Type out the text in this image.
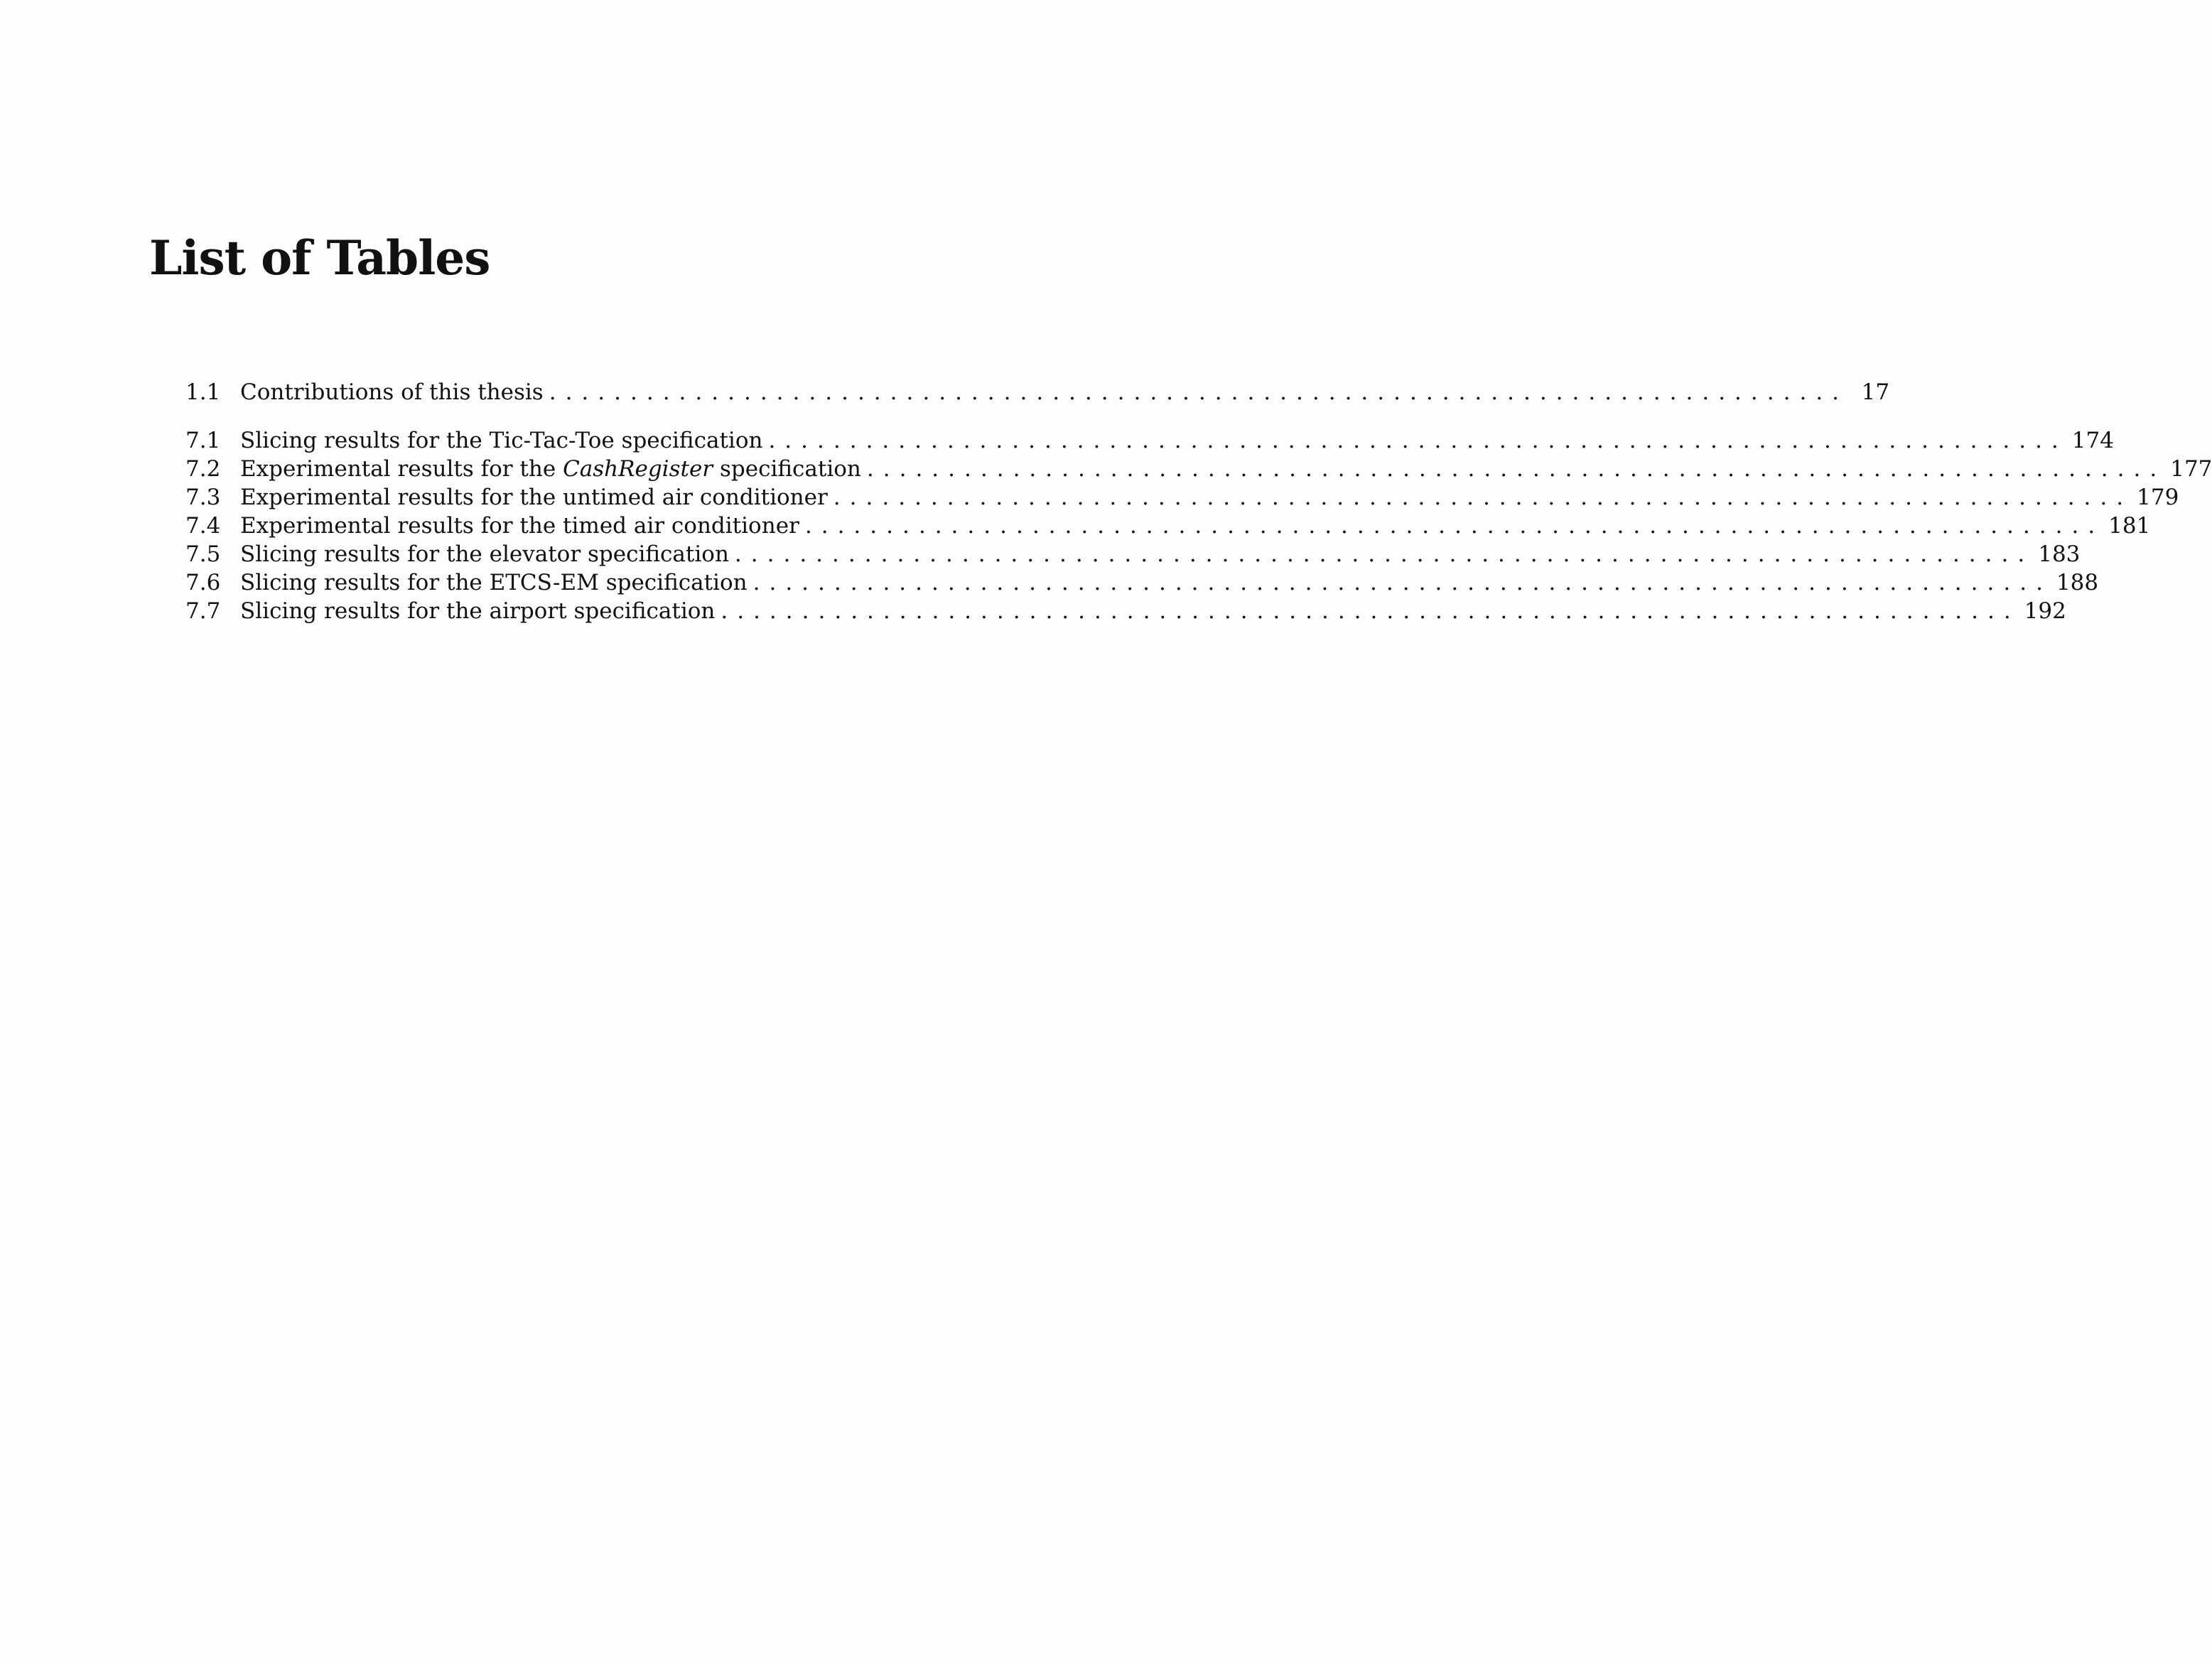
List of Tables
1.1 Contributions of this thesis ................................................................................ 17
7.1 Slicing results for the Tic-Tac-Toe specification ................................................................................ 174
7.2 Experimental results for the CashRegister specification ................................................................................ 177
7.3 Experimental results for the untimed air conditioner ................................................................................ 179
7.4 Experimental results for the timed air conditioner ................................................................................ 181
7.5 Slicing results for the elevator specification ................................................................................ 183
7.6 Slicing results for the ETCS-EM specification ................................................................................ 188
7.7 Slicing results for the airport specification ................................................................................ 192
